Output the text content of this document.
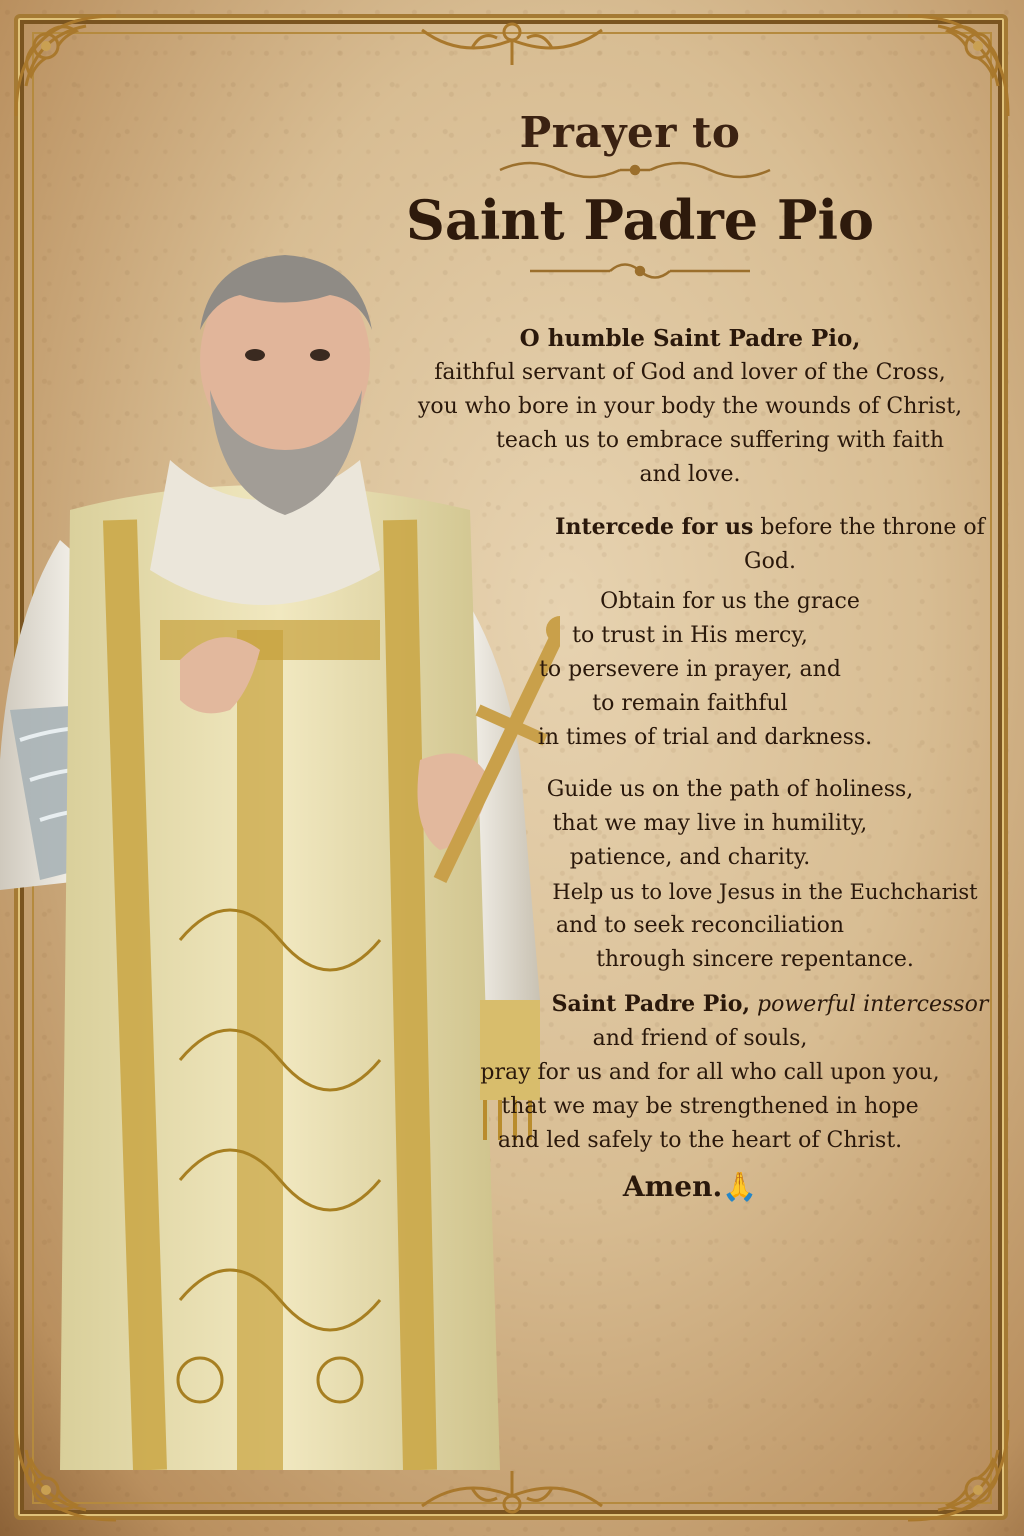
Prayer to
Saint Padre Pio

O humble Saint Padre Pio,

faithful servant of God and lover of the Cross,

you who bore in your body the wounds of Christ,

teach us to embrace suffering with faith

and love.

Intercede for us before the throne of God.

Obtain for us the grace

to trust in His mercy,

to persevere in prayer, and

to remain faithful

in times of trial and darkness.

Guide us on the path of holiness,

that we may live in humility,

patience, and charity.

Help us to love Jesus in the Euchcharist

and to seek reconciliation

through sincere repentance.

Saint Padre Pio, powerful intercessor

and friend of souls,

pray for us and for all who call upon you,

that we may be strengthened in hope

and led safely to the heart of Christ.

Amen.🙏
